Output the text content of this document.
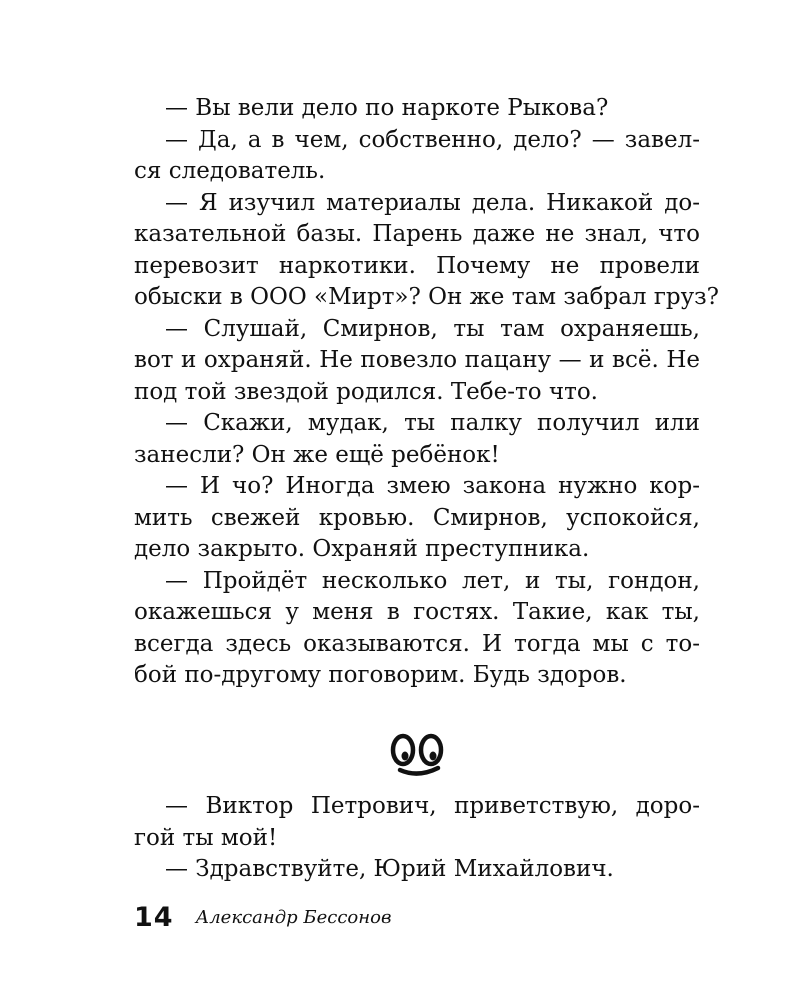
— Вы вели дело по наркоте Рыкова?
— Да, а в чем, собственно, дело? — завел-
ся следователь.
— Я изучил материалы дела. Никакой до-
казательной базы. Парень даже не знал, что
перевозит наркотики. Почему не провели
обыски в ООО «Мирт»? Он же там забрал груз?
— Слушай, Смирнов, ты там охраняешь,
вот и охраняй. Не повезло пацану — и всё. Не
под той звездой родился. Тебе-то что.
— Скажи, мудак, ты палку получил или
занесли? Он же ещё ребёнок!
— И чо? Иногда змею закона нужно кор-
мить свежей кровью. Смирнов, успокойся,
дело закрыто. Охраняй преступника.
— Пройдёт несколько лет, и ты, гондон,
окажешься у меня в гостях. Такие, как ты,
всегда здесь оказываются. И тогда мы с то-
бой по-другому поговорим. Будь здоров.
— Виктор Петрович, приветствую, доро-
гой ты мой!
— Здравствуйте, Юрий Михайлович.
14 Александр Бессонов
